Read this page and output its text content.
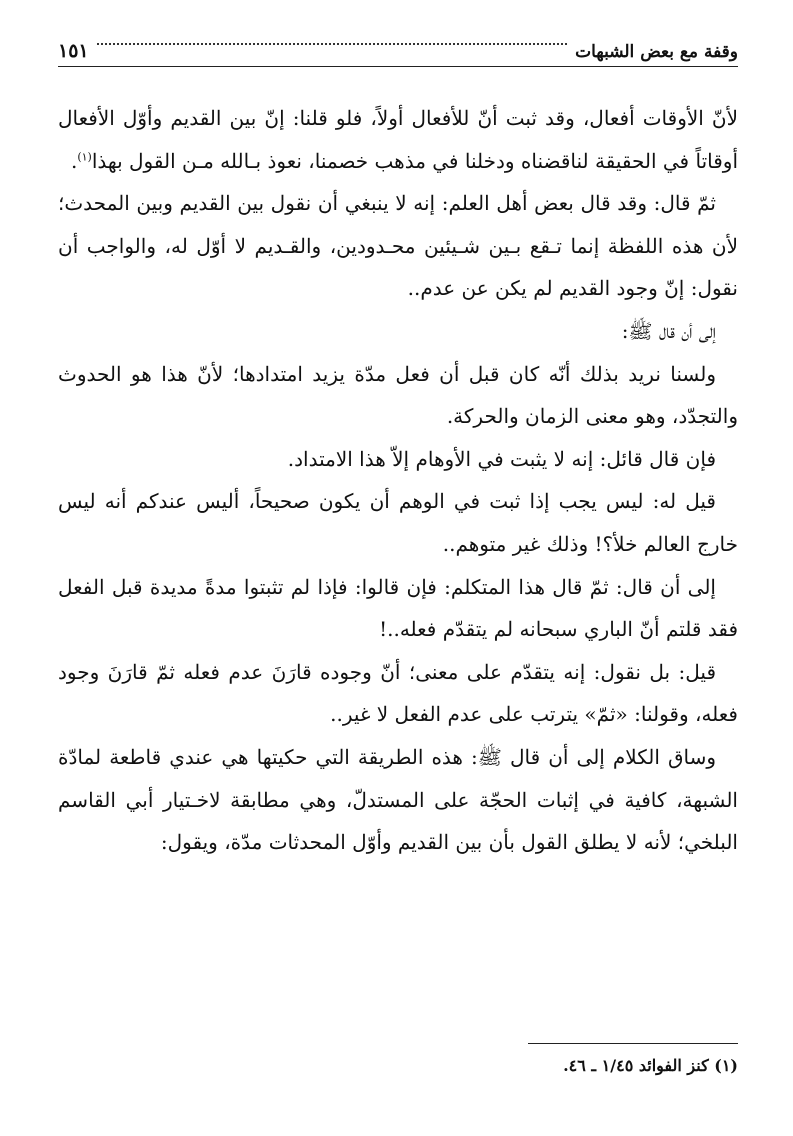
وقفة مع بعض الشبهات
١٥١

لأنّ الأوقات أفعال، وقد ثبت أنّ للأفعال أولاً، فلو قلنا: إنّ بين القديم وأوّل الأفعال أوقاتاً في الحقيقة لناقضناه ودخلنا في مذهب خصمنا، نعوذ بـالله مـن القول بهذا$^{(١)}$.

ثمّ قال: وقد قال بعض أهل العلم: إنه لا ينبغي أن نقول بين القديم وبين المحدث؛ لأن هذه اللفظة إنما تـقع بـين شـيئين محـدودين، والقـديم لا أوّل له، والواجب أن نقول: إنّ وجود القديم لم يكن عن عدم..

إلى أن قال ﷺ:

ولسنا نريد بذلك أنّه كان قبل أن فعل مدّة يزيد امتدادها؛ لأنّ هذا هو الحدوث والتجدّد، وهو معنى الزمان والحركة.

فإن قال قائل: إنه لا يثبت في الأوهام إلاّ هذا الامتداد.

قيل له: ليس يجب إذا ثبت في الوهم أن يكون صحيحاً، أليس عندكم أنه ليس خارج العالم خلأ؟! وذلك غير متوهم..

إلى أن قال: ثمّ قال هذا المتكلم: فإن قالوا: فإذا لم تثبتوا مدةً مديدة قبل الفعل فقد قلتم أنّ الباري سبحانه لم يتقدّم فعله..!

قيل: بل نقول: إنه يتقدّم على معنى؛ أنّ وجوده قارَنَ عدم فعله ثمّ قارَنَ وجود فعله، وقولنا: «ثمّ» يترتب على عدم الفعل لا غير..

وساق الكلام إلى أن قال ﷺ: هذه الطريقة التي حكيتها هي عندي قاطعة لمادّة الشبهة، كافية في إثبات الحجّة على المستدلّ، وهي مطابقة لاخـتيار أبي القاسم البلخي؛ لأنه لا يطلق القول بأن بين القديم وأوّل المحدثات مدّة، ويقول:

(١) كنز الفوائد ١/٤٥ ـ ٤٦.
